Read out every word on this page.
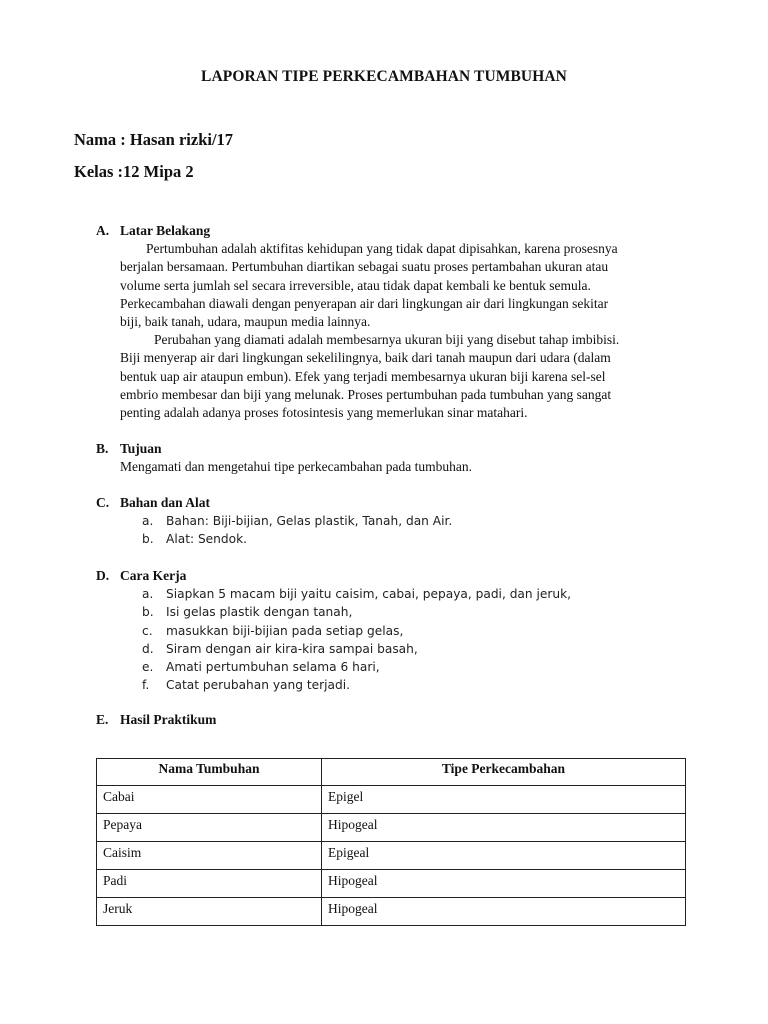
LAPORAN TIPE PERKECAMBAHAN TUMBUHAN
Nama : Hasan rizki/17
Kelas :12 Mipa 2
A. Latar Belakang
Pertumbuhan adalah aktifitas kehidupan yang tidak dapat dipisahkan, karena prosesnya
berjalan bersamaan. Pertumbuhan diartikan sebagai suatu proses pertambahan ukuran atau
volume serta jumlah sel secara irreversible, atau tidak dapat kembali ke bentuk semula.
Perkecambahan diawali dengan penyerapan air dari lingkungan air dari lingkungan sekitar
biji, baik tanah, udara, maupun media lainnya.
Perubahan yang diamati adalah membesarnya ukuran biji yang disebut tahap imbibisi.
Biji menyerap air dari lingkungan sekelilingnya, baik dari tanah maupun dari udara (dalam
bentuk uap air ataupun embun). Efek yang terjadi membesarnya ukuran biji karena sel-sel
embrio membesar dan biji yang melunak. Proses pertumbuhan pada tumbuhan yang sangat
penting adalah adanya proses fotosintesis yang memerlukan sinar matahari.
B. Tujuan
Mengamati dan mengetahui tipe perkecambahan pada tumbuhan.
C. Bahan dan Alat
a.	Bahan: Biji-bijian, Gelas plastik, Tanah, dan Air.
b.	Alat: Sendok.
D. Cara Kerja
a.	Siapkan 5 macam biji yaitu caisim, cabai, pepaya, padi, dan jeruk,
b.	Isi gelas plastik dengan tanah,
c.	masukkan biji-bijian pada setiap gelas,
d.	Siram dengan air kira-kira sampai basah,
e.	Amati pertumbuhan selama 6 hari,
f.	Catat perubahan yang terjadi.
E. Hasil Praktikum
Nama Tumbuhan	Tipe Perkecambahan
Cabai	Epigel
Pepaya	Hipogeal
Caisim	Epigeal
Padi	Hipogeal
Jeruk	Hipogeal
